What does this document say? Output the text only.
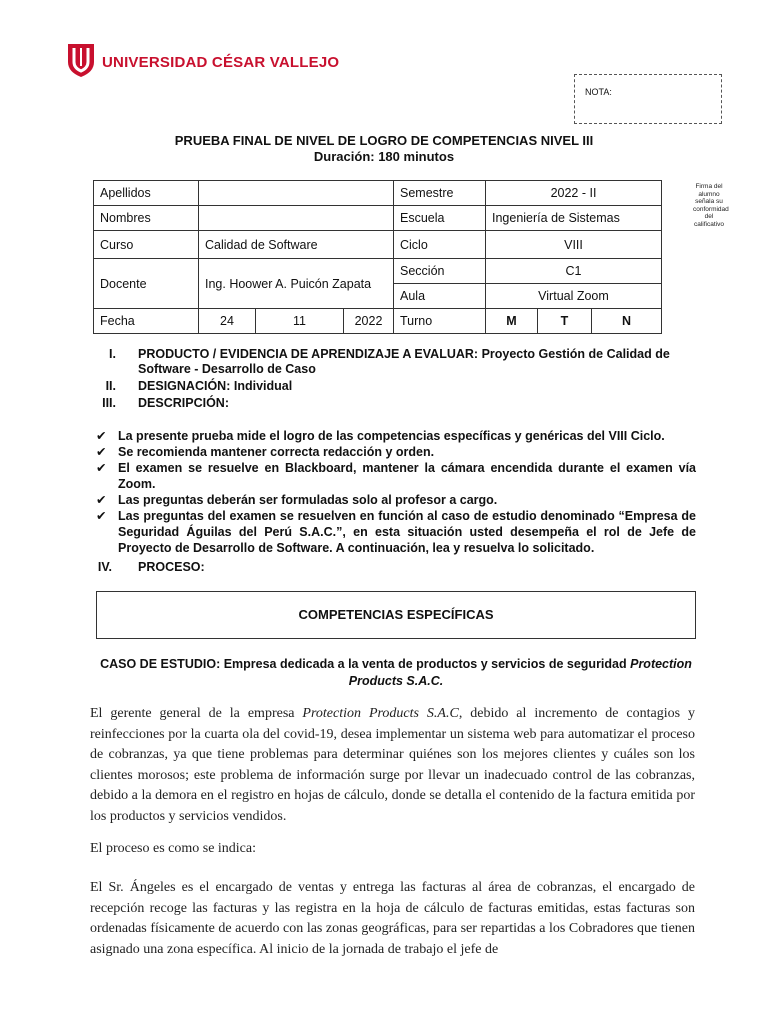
UNIVERSIDAD CÉSAR VALLEJO
NOTA:
PRUEBA FINAL DE NIVEL DE LOGRO DE COMPETENCIAS NIVEL III
Duración: 180 minutos
Apellidos				Semestre	2022 - II		
Nombres				Escuela	Ingeniería de Sistemas		
Curso	Calidad de Software			Ciclo	VIII		
Docente	Ing. Hoower A. Puicón Zapata			Sección	C1		
				Aula	Virtual Zoom		
Fecha	24	11	2022	Turno	M	T	N
Firma del alumno señala su conformidad del calificativo
I. PRODUCTO / EVIDENCIA DE APRENDIZAJE A EVALUAR: Proyecto Gestión de Calidad de Software - Desarrollo de Caso
II. DESIGNACIÓN: Individual
III. DESCRIPCIÓN:
✔ La presente prueba mide el logro de las competencias específicas y genéricas del VIII Ciclo.
✔ Se recomienda mantener correcta redacción y orden.
✔ El examen se resuelve en Blackboard, mantener la cámara encendida durante el examen vía Zoom.
✔ Las preguntas deberán ser formuladas solo al profesor a cargo.
✔ Las preguntas del examen se resuelven en función al caso de estudio denominado “Empresa de Seguridad Águilas del Perú S.A.C.”, en esta situación usted desempeña el rol de Jefe de Proyecto de Desarrollo de Software. A continuación, lea y resuelva lo solicitado.
IV. PROCESO:
COMPETENCIAS ESPECÍFICAS
CASO DE ESTUDIO: Empresa dedicada a la venta de productos y servicios de seguridad Protection Products S.A.C.
El gerente general de la empresa Protection Products S.A.C, debido al incremento de contagios y reinfecciones por la cuarta ola del covid-19, desea implementar un sistema web para automatizar el proceso de cobranzas, ya que tiene problemas para determinar quiénes son los mejores clientes y cuáles son los clientes morosos; este problema de información surge por llevar un inadecuado control de las cobranzas, debido a la demora en el registro en hojas de cálculo, donde se detalla el contenido de la factura emitida por los productos y servicios vendidos.
El proceso es como se indica:
El Sr. Ángeles es el encargado de ventas y entrega las facturas al área de cobranzas, el encargado de recepción recoge las facturas y las registra en la hoja de cálculo de facturas emitidas, estas facturas son ordenadas físicamente de acuerdo con las zonas geográficas, para ser repartidas a los Cobradores que tienen asignado una zona específica. Al inicio de la jornada de trabajo el jefe de
